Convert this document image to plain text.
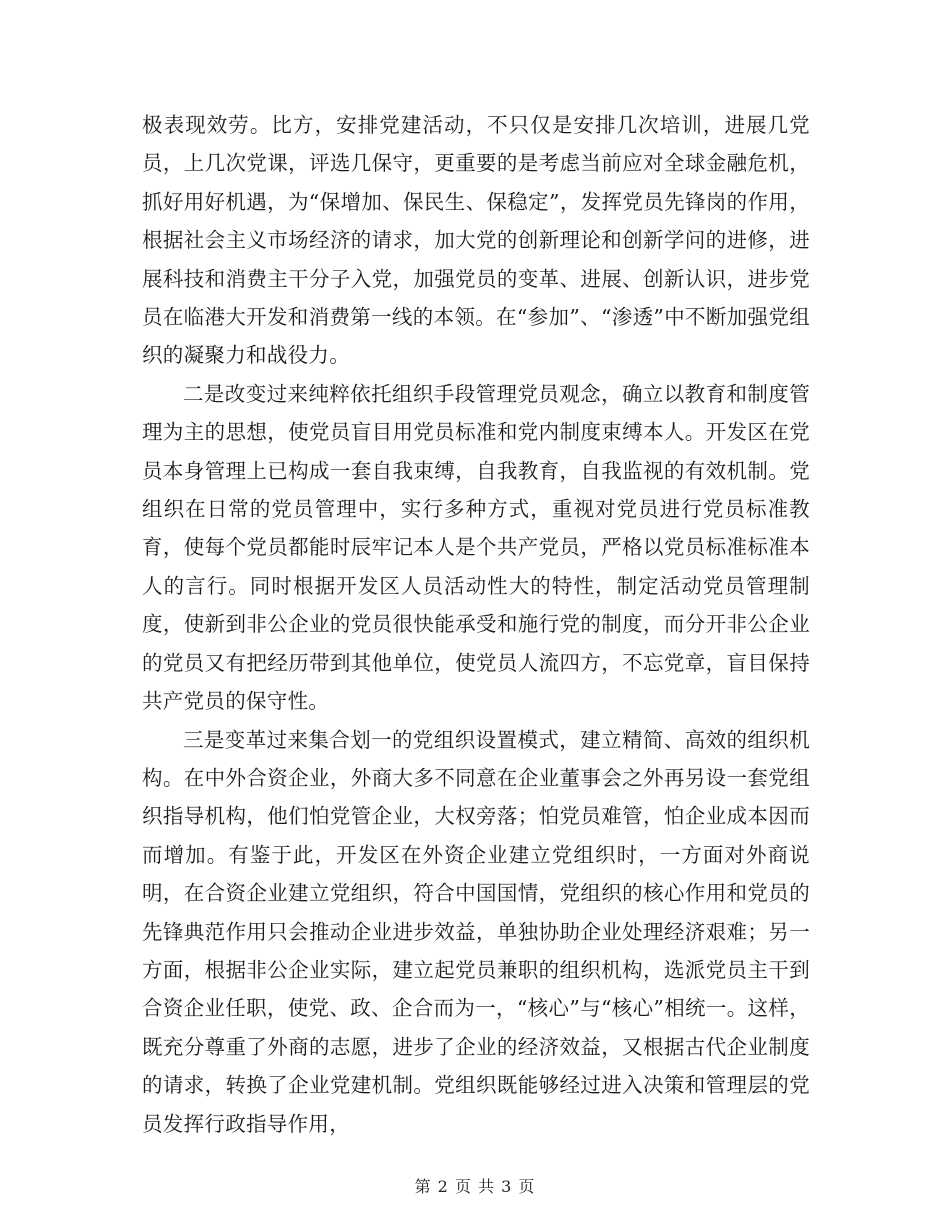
极表现效劳。比方，安排党建活动，不只仅是安排几次培训，进展几党员，上几次党课，评选几保守，更重要的是考虑当前应对全球金融危机，抓好用好机遇，为“保增加、保民生、保稳定”，发挥党员先锋岗的作用，根据社会主义市场经济的请求，加大党的创新理论和创新学问的进修，进展科技和消费主干分子入党，加强党员的变革、进展、创新认识，进步党员在临港大开发和消费第一线的本领。在“参加”、“渗透”中不断加强党组织的凝聚力和战役力。

二是改变过来纯粹依托组织手段管理党员观念，确立以教育和制度管理为主的思想，使党员盲目用党员标准和党内制度束缚本人。开发区在党员本身管理上已构成一套自我束缚，自我教育，自我监视的有效机制。党组织在日常的党员管理中，实行多种方式，重视对党员进行党员标准教育，使每个党员都能时辰牢记本人是个共产党员，严格以党员标准标准本人的言行。同时根据开发区人员活动性大的特性，制定活动党员管理制度，使新到非公企业的党员很快能承受和施行党的制度，而分开非公企业的党员又有把经历带到其他单位，使党员人流四方，不忘党章，盲目保持共产党员的保守性。

三是变革过来集合划一的党组织设置模式，建立精简、高效的组织机构。在中外合资企业，外商大多不同意在企业董事会之外再另设一套党组织指导机构，他们怕党管企业，大权旁落；怕党员难管，怕企业成本因而而增加。有鉴于此，开发区在外资企业建立党组织时，一方面对外商说明，在合资企业建立党组织，符合中国国情，党组织的核心作用和党员的先锋典范作用只会推动企业进步效益，单独协助企业处理经济艰难；另一方面，根据非公企业实际，建立起党员兼职的组织机构，选派党员主干到合资企业任职，使党、政、企合而为一，“核心”与“核心”相统一。这样，既充分尊重了外商的志愿，进步了企业的经济效益，又根据古代企业制度的请求，转换了企业党建机制。党组织既能够经过进入决策和管理层的党员发挥行政指导作用，

第 2 页 共 3 页
